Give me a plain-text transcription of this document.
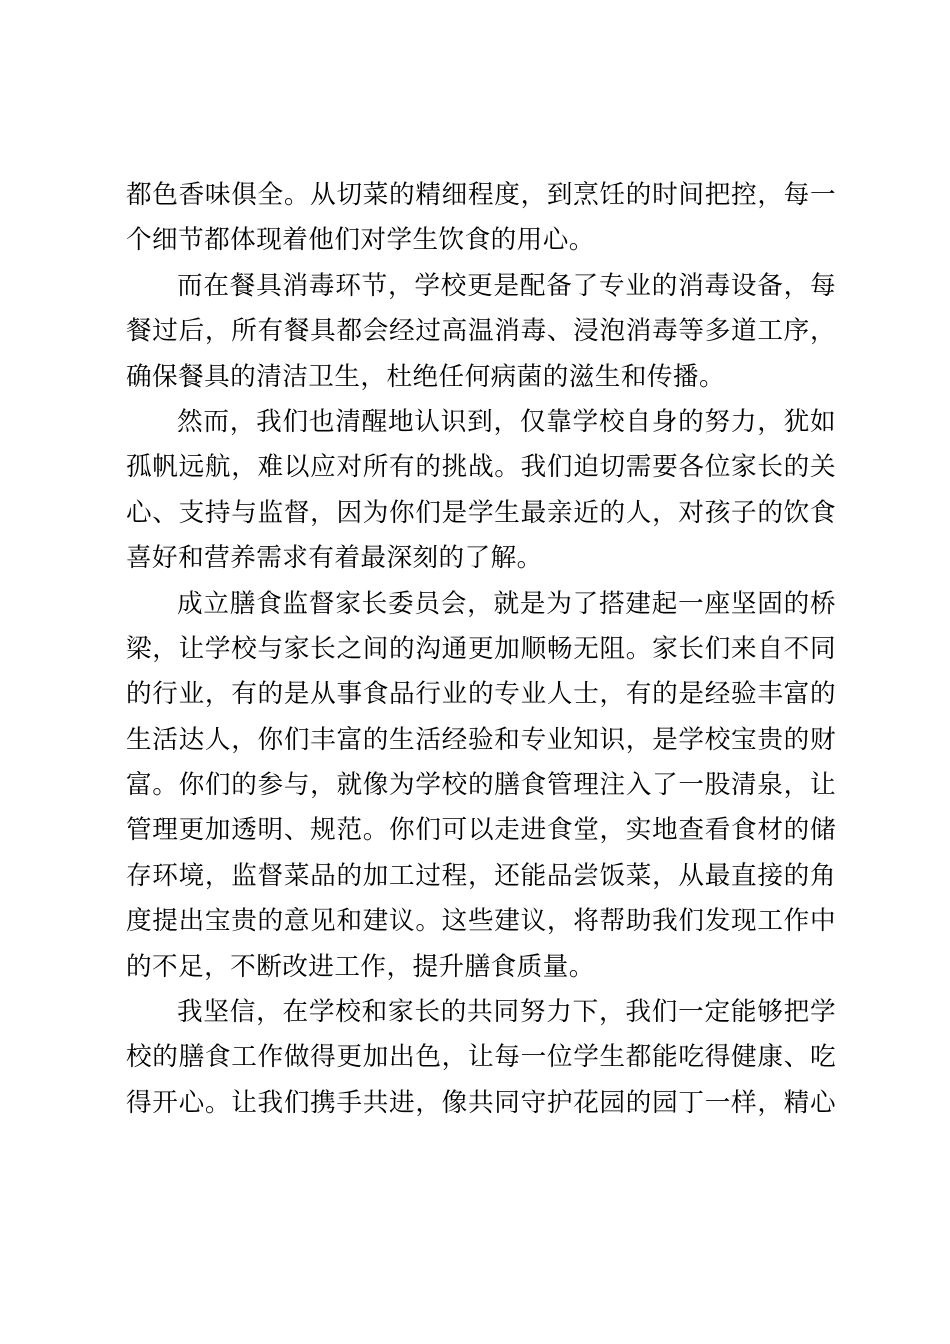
都色香味俱全。从切菜的精细程度，到烹饪的时间把控，每一
个细节都体现着他们对学生饮食的用心。
而在餐具消毒环节，学校更是配备了专业的消毒设备，每
餐过后，所有餐具都会经过高温消毒、浸泡消毒等多道工序，
确保餐具的清洁卫生，杜绝任何病菌的滋生和传播。
然而，我们也清醒地认识到，仅靠学校自身的努力，犹如
孤帆远航，难以应对所有的挑战。我们迫切需要各位家长的关
心、支持与监督，因为你们是学生最亲近的人，对孩子的饮食
喜好和营养需求有着最深刻的了解。
成立膳食监督家长委员会，就是为了搭建起一座坚固的桥
梁，让学校与家长之间的沟通更加顺畅无阻。家长们来自不同
的行业，有的是从事食品行业的专业人士，有的是经验丰富的
生活达人，你们丰富的生活经验和专业知识，是学校宝贵的财
富。你们的参与，就像为学校的膳食管理注入了一股清泉，让
管理更加透明、规范。你们可以走进食堂，实地查看食材的储
存环境，监督菜品的加工过程，还能品尝饭菜，从最直接的角
度提出宝贵的意见和建议。这些建议，将帮助我们发现工作中
的不足，不断改进工作，提升膳食质量。
我坚信，在学校和家长的共同努力下，我们一定能够把学
校的膳食工作做得更加出色，让每一位学生都能吃得健康、吃
得开心。让我们携手共进，像共同守护花园的园丁一样，精心
